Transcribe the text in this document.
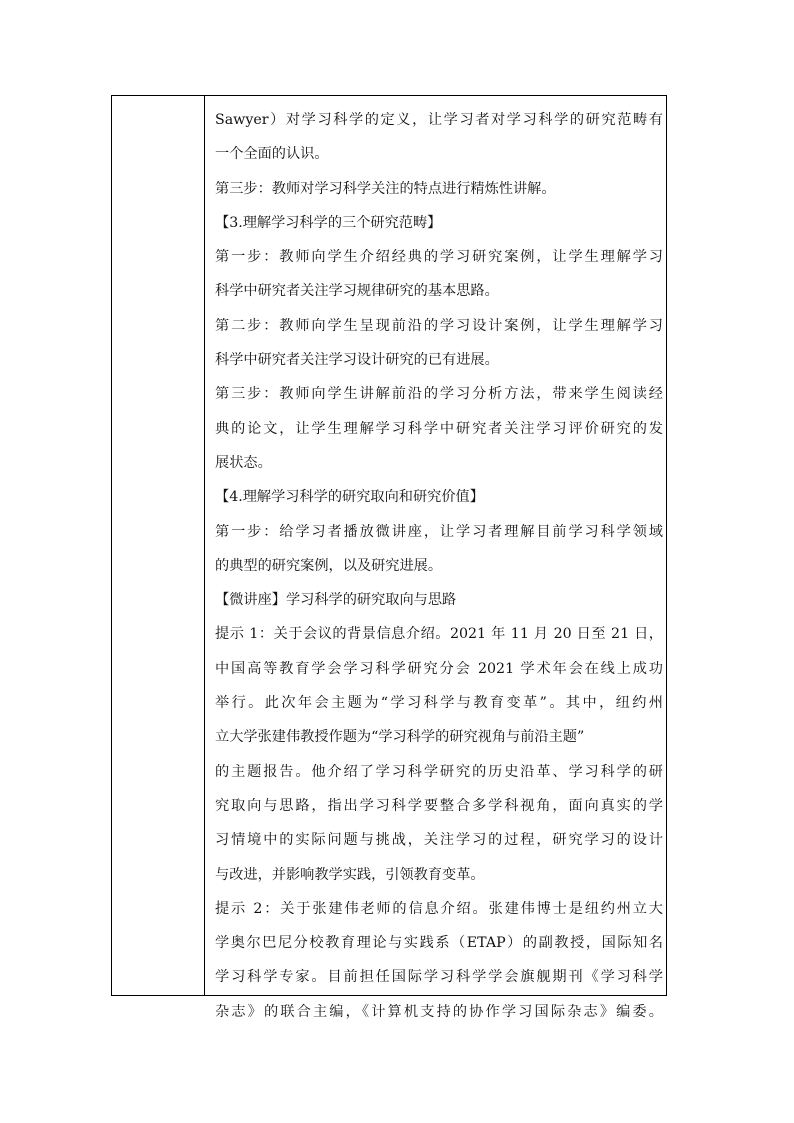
Sawyer）对学习科学的定义，让学习者对学习科学的研究范畴有
一个全面的认识。
第三步：教师对学习科学关注的特点进行精炼性讲解。
【3.理解学习科学的三个研究范畴】
第一步：教师向学生介绍经典的学习研究案例，让学生理解学习
科学中研究者关注学习规律研究的基本思路。
第二步：教师向学生呈现前沿的学习设计案例，让学生理解学习
科学中研究者关注学习设计研究的已有进展。
第三步：教师向学生讲解前沿的学习分析方法，带来学生阅读经
典的论文，让学生理解学习科学中研究者关注学习评价研究的发
展状态。
【4.理解学习科学的研究取向和研究价值】
第一步：给学习者播放微讲座，让学习者理解目前学习科学领域
的典型的研究案例，以及研究进展。
【微讲座】学习科学的研究取向与思路
提示 1：关于会议的背景信息介绍。2021 年 11 月 20 日至 21 日，
中国高等教育学会学习科学研究分会 2021 学术年会在线上成功
举行。此次年会主题为“学习科学与教育变革”。其中，纽约州
立大学张建伟教授作题为“学习科学的研究视角与前沿主题”
的主题报告。他介绍了学习科学研究的历史沿革、学习科学的研
究取向与思路，指出学习科学要整合多学科视角，面向真实的学
习情境中的实际问题与挑战，关注学习的过程，研究学习的设计
与改进，并影响教学实践，引领教育变革。
提示 2：关于张建伟老师的信息介绍。张建伟博士是纽约州立大
学奥尔巴尼分校教育理论与实践系（ETAP）的副教授，国际知名
学习科学专家。目前担任国际学习科学学会旗舰期刊《学习科学
杂志》的联合主编，《计算机支持的协作学习国际杂志》编委。
